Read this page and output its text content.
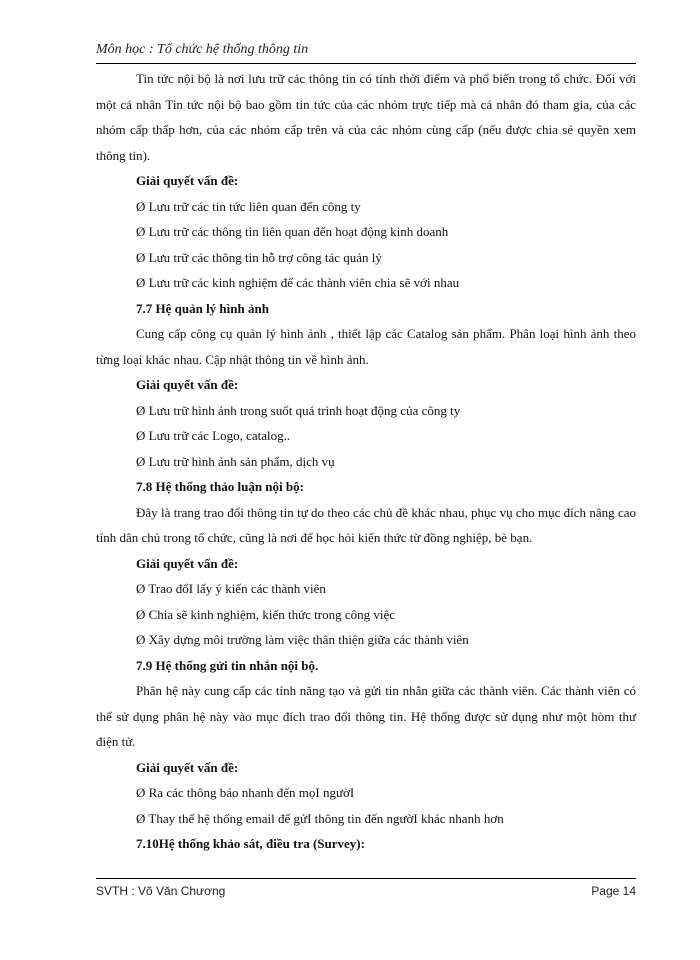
Môn học : Tổ chức hệ thống thông tin

Tin tức nội bộ là nơi lưu trữ các thông tin có tính thời điểm và phổ biến trong tổ chức. Đối với một cá nhân Tin tức nội bộ bao gồm tin tức của các nhóm trực tiếp mà cá nhân đó tham gia, của các nhóm cấp thấp hơn, của các nhóm cấp trên và của các nhóm cùng cấp (nếu được chia sẻ quyền xem thông tin).

Giải quyết vấn đề:

Ø Lưu trữ các tin tức liên quan đến công ty

Ø Lưu trữ các thông tin liên quan đến hoạt động kinh doanh

Ø Lưu trữ các thông tin hỗ trợ công tác quản lý

Ø Lưu trữ các kinh nghiệm để các thành viên chia sẽ với nhau

7.7 Hệ quản lý hình ảnh

Cung cấp công cụ quản lý hình ảnh , thiết lập các Catalog sản phẩm. Phân loại hình ảnh theo từng loại khác nhau. Cập nhật thông tin về hình ảnh.

Giải quyết vấn đề:

Ø Lưu trữ hình ảnh trong suốt quá trình hoạt động của công ty

Ø Lưu trữ các Logo, catalog..

Ø Lưu trữ hình ảnh sản phẩm, dịch vụ

7.8 Hệ thống thảo luận nội bộ:

Đây là trang trao đổi thông tin tự do theo các chủ đề khác nhau, phục vụ cho mục đích nâng cao tính dân chủ trong tổ chức, cũng là nơi để học hỏi kiến thức từ đồng nghiệp, bè bạn.

Giải quyết vấn đề:

Ø Trao đổI lấy ý kiến các thành viên

Ø Chia sẽ kinh nghiệm, kiến thức trong công việc

Ø Xây dựng môi trường làm việc thân thiện giữa các thành viên

7.9 Hệ thống gửi tin nhắn nội bộ.

Phân hệ này cung cấp các tính năng tạo và gửi tin nhắn giữa các thành viên. Các thành viên có thể sử dụng phân hệ này vào mục đích trao đổi thông tin. Hệ thống được sử dụng như một hòm thư điện tử.

Giải quyết vấn đề:

Ø Ra các thông báo nhanh đến mọI ngườI

Ø Thay thế hệ thống email để gửI thông tin đến ngườI khác nhanh hơn

7.10Hệ thống khảo sát, điều tra (Survey):

SVTH : Võ Văn Chương	Page 14
